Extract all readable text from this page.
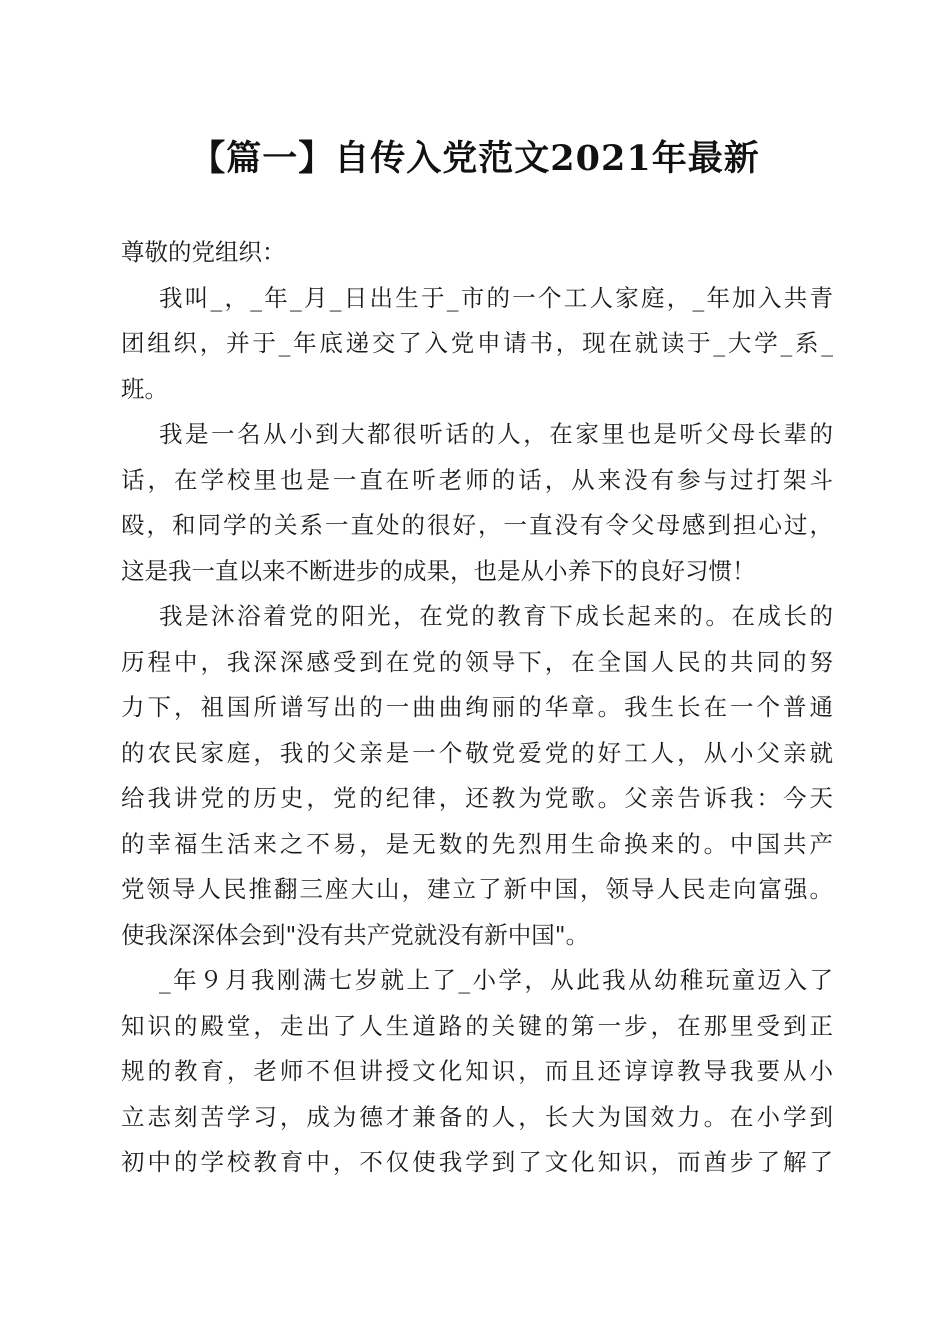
【篇一】自传入党范文2021年最新
尊敬的党组织：
我叫_，_年_月_日出生于_市的一个工人家庭，_年加入共青
团组织，并于_年底递交了入党申请书，现在就读于_大学_系_
班。
我是一名从小到大都很听话的人，在家里也是听父母长辈的
话，在学校里也是一直在听老师的话，从来没有参与过打架斗
殴，和同学的关系一直处的很好，一直没有令父母感到担心过，
这是我一直以来不断进步的成果，也是从小养下的良好习惯！
我是沐浴着党的阳光，在党的教育下成长起来的。在成长的
历程中，我深深感受到在党的领导下，在全国人民的共同的努
力下，祖国所谱写出的一曲曲绚丽的华章。我生长在一个普通
的农民家庭，我的父亲是一个敬党爱党的好工人，从小父亲就
给我讲党的历史，党的纪律，还教为党歌。父亲告诉我：今天
的幸福生活来之不易，是无数的先烈用生命换来的。中国共产
党领导人民推翻三座大山，建立了新中国，领导人民走向富强。
使我深深体会到"没有共产党就没有新中国"。
_年９月我刚满七岁就上了_小学，从此我从幼稚玩童迈入了
知识的殿堂，走出了人生道路的关键的第一步，在那里受到正
规的教育，老师不但讲授文化知识，而且还谆谆教导我要从小
立志刻苦学习，成为德才兼备的人，长大为国效力。在小学到
初中的学校教育中，不仅使我学到了文化知识，而酋步了解了
